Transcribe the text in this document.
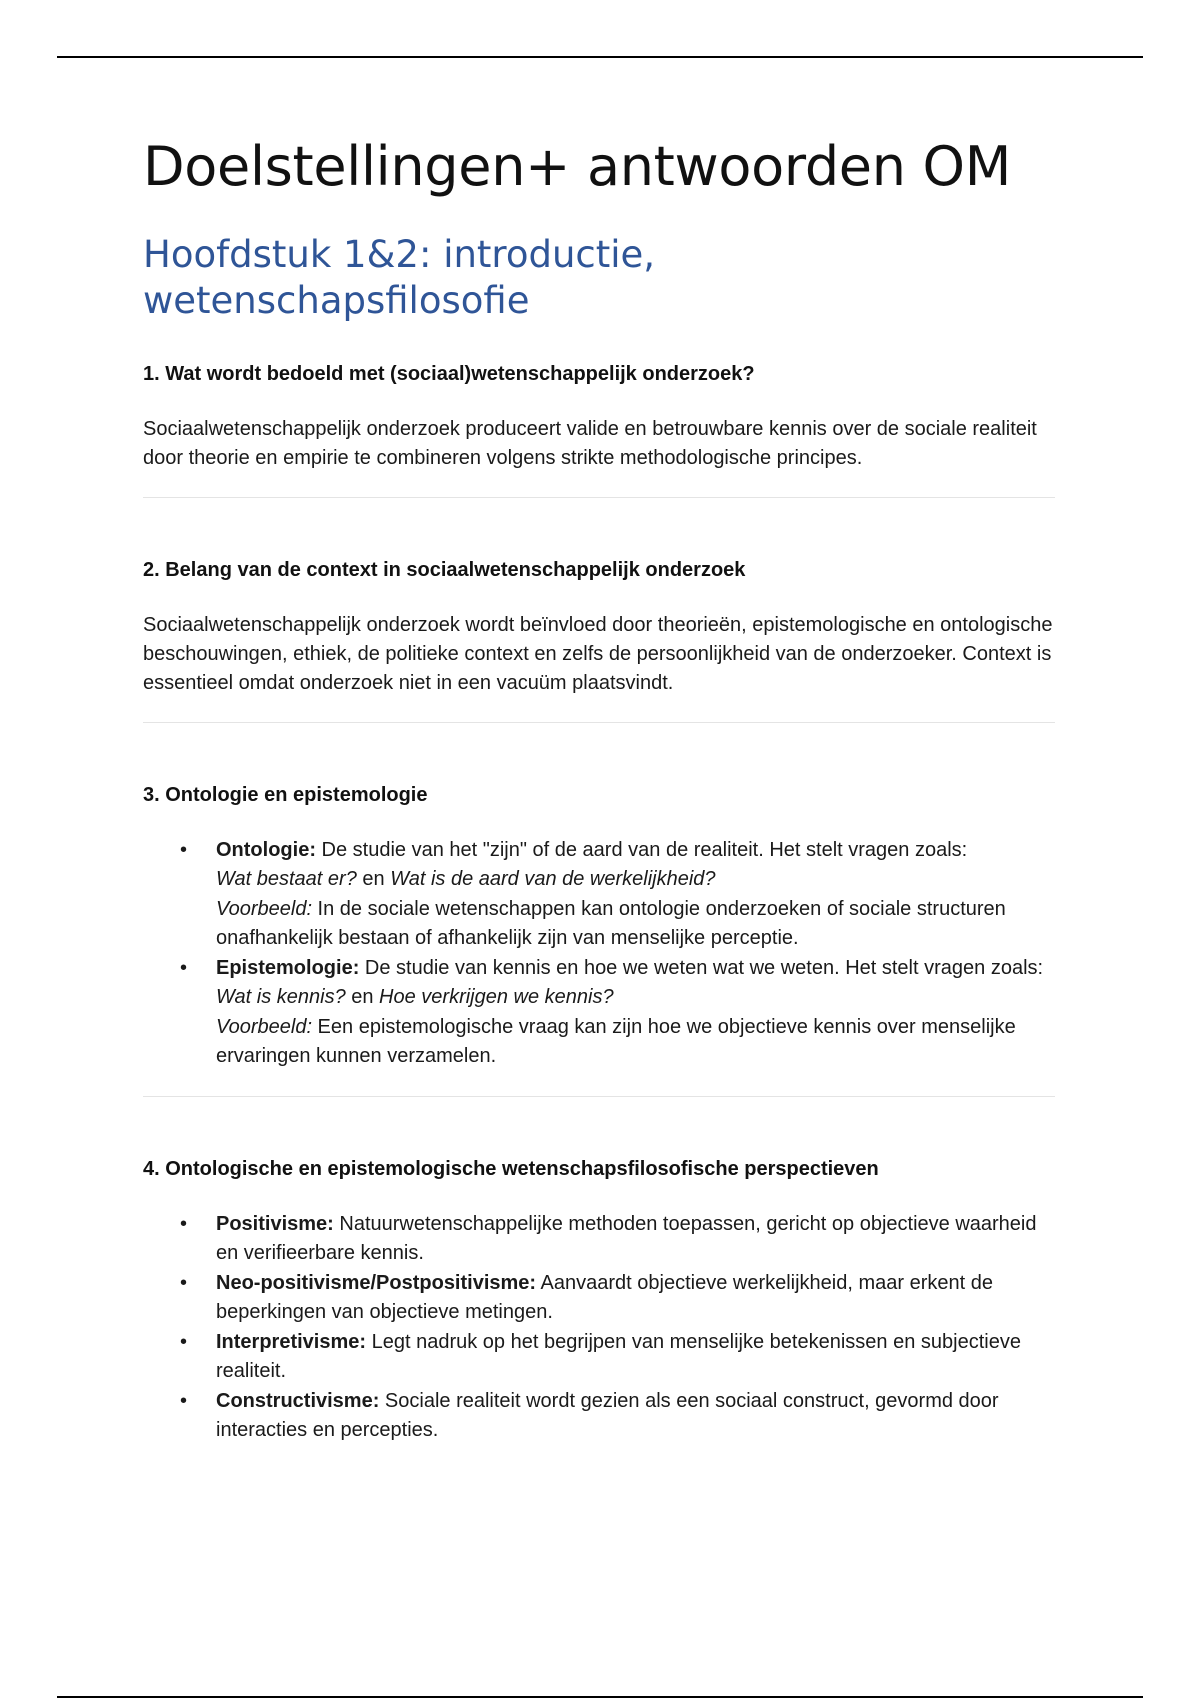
Doelstellingen+ antwoorden OM
Hoofdstuk 1&2: introductie,
wetenschapsfilosofie
1. Wat wordt bedoeld met (sociaal)wetenschappelijk onderzoek?

Sociaalwetenschappelijk onderzoek produceert valide en betrouwbare kennis over de sociale realiteit door theorie en empirie te combineren volgens strikte methodologische principes.

2. Belang van de context in sociaalwetenschappelijk onderzoek

Sociaalwetenschappelijk onderzoek wordt beïnvloed door theorieën, epistemologische en ontologische beschouwingen, ethiek, de politieke context en zelfs de persoonlijkheid van de onderzoeker. Context is essentieel omdat onderzoek niet in een vacuüm plaatsvindt.

3. Ontologie en epistemologie
• Ontologie: De studie van het "zijn" of de aard van de realiteit. Het stelt vragen zoals:
Wat bestaat er? en Wat is de aard van de werkelijkheid?
Voorbeeld: In de sociale wetenschappen kan ontologie onderzoeken of sociale structuren onafhankelijk bestaan of afhankelijk zijn van menselijke perceptie.
• Epistemologie: De studie van kennis en hoe we weten wat we weten. Het stelt vragen zoals: Wat is kennis? en Hoe verkrijgen we kennis?
Voorbeeld: Een epistemologische vraag kan zijn hoe we objectieve kennis over menselijke ervaringen kunnen verzamelen.
4. Ontologische en epistemologische wetenschapsfilosofische perspectieven
• Positivisme: Natuurwetenschappelijke methoden toepassen, gericht op objectieve waarheid en verifieerbare kennis.
• Neo-positivisme/Postpositivisme: Aanvaardt objectieve werkelijkheid, maar erkent de beperkingen van objectieve metingen.
• Interpretivisme: Legt nadruk op het begrijpen van menselijke betekenissen en subjectieve realiteit.
• Constructivisme: Sociale realiteit wordt gezien als een sociaal construct, gevormd door interacties en percepties.
